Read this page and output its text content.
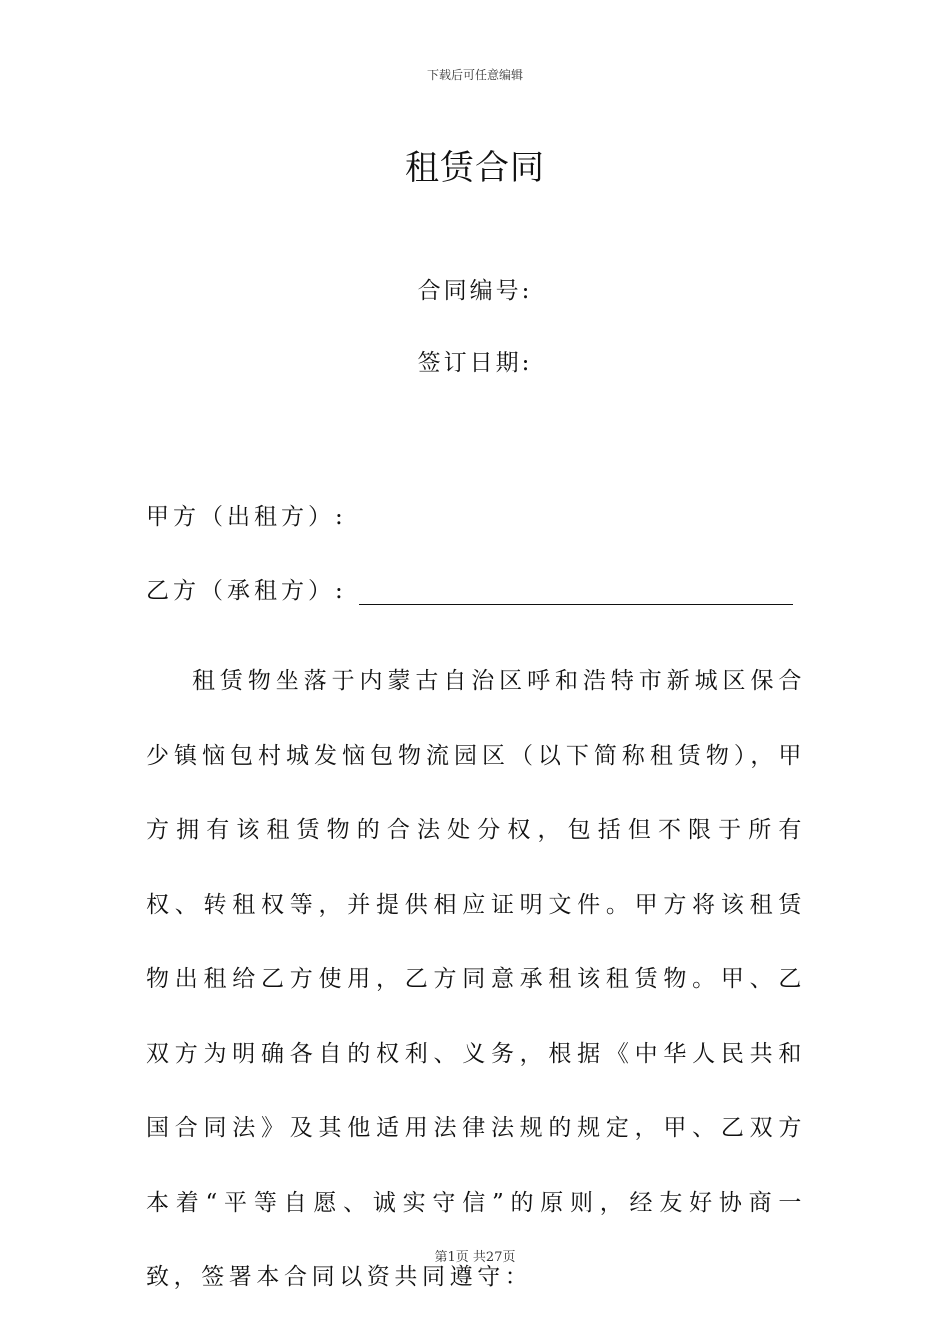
下载后可任意编辑
租赁合同
合同编号:
签订日期:
甲方（出租方）:
乙方（承租方）:

租赁物坐落于内蒙古自治区呼和浩特市新城区保合少镇恼包村城发恼包物流园区（以下简称租赁物），甲方拥有该租赁物的合法处分权，包括但不限于所有权、转租权等，并提供相应证明文件。甲方将该租赁物出租给乙方使用，乙方同意承租该租赁物。甲、乙双方为明确各自的权利、义务，根据《中华人民共和国合同法》及其他适用法律法规的规定，甲、乙双方本着“平等自愿、诚实守信”的原则，经友好协商一致，签署本合同以资共同遵守：

第1页 共27页
